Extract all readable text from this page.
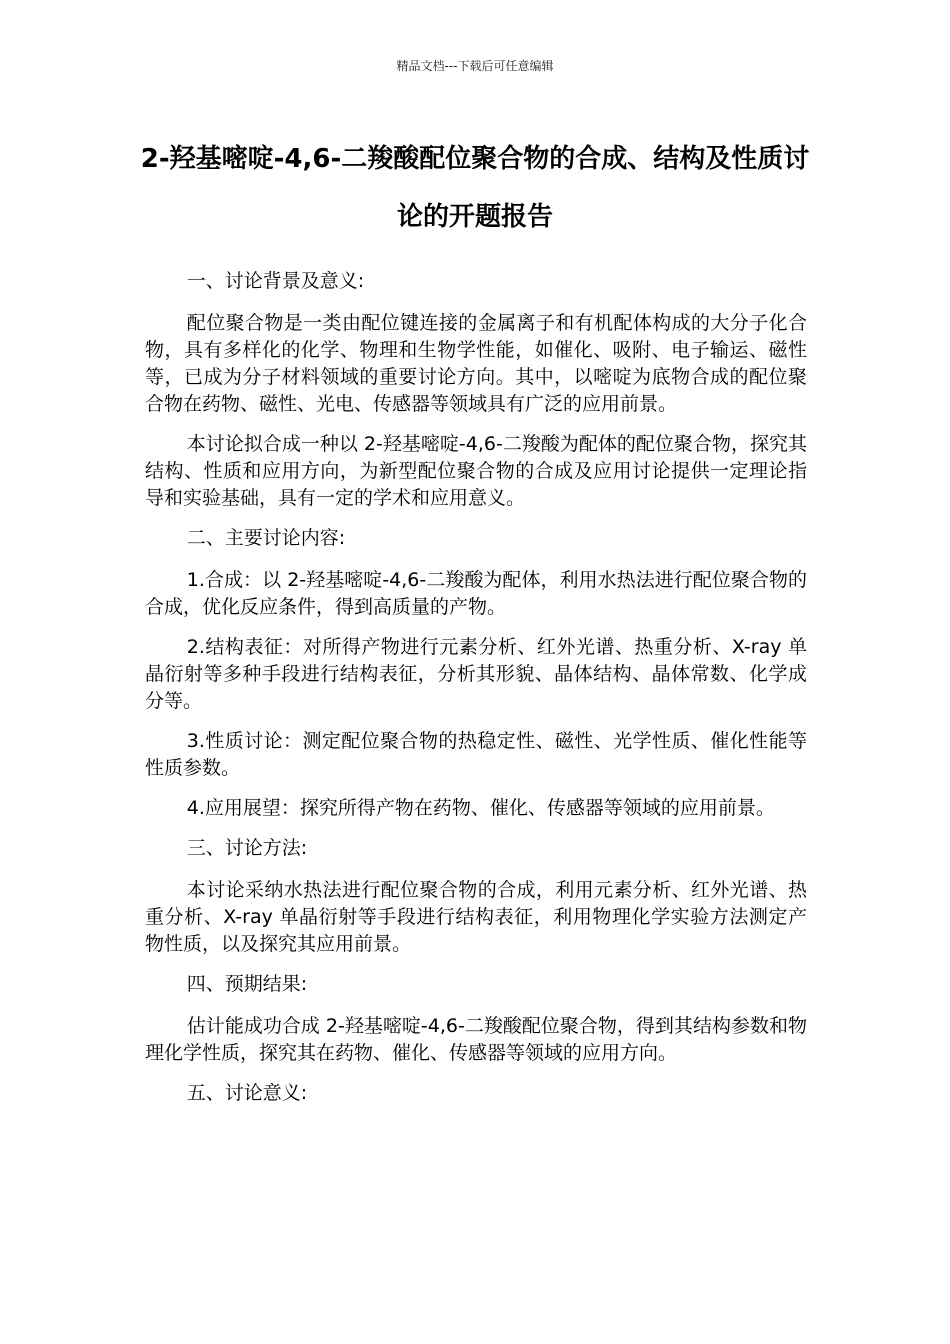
精品文档---下载后可任意编辑
2-羟基嘧啶-4,6-二羧酸配位聚合物的合成、结构及性质讨论的开题报告

一、讨论背景及意义:

配位聚合物是一类由配位键连接的金属离子和有机配体构成的大分子化合物，具有多样化的化学、物理和生物学性能，如催化、吸附、电子输运、磁性等，已成为分子材料领域的重要讨论方向。其中，以嘧啶为底物合成的配位聚合物在药物、磁性、光电、传感器等领域具有广泛的应用前景。

本讨论拟合成一种以 2-羟基嘧啶-4,6-二羧酸为配体的配位聚合物，探究其结构、性质和应用方向，为新型配位聚合物的合成及应用讨论提供一定理论指导和实验基础，具有一定的学术和应用意义。

二、主要讨论内容:

1.合成：以 2-羟基嘧啶-4,6-二羧酸为配体，利用水热法进行配位聚合物的合成，优化反应条件，得到高质量的产物。

2.结构表征：对所得产物进行元素分析、红外光谱、热重分析、X-ray 单晶衍射等多种手段进行结构表征，分析其形貌、晶体结构、晶体常数、化学成分等。

3.性质讨论：测定配位聚合物的热稳定性、磁性、光学性质、催化性能等性质参数。

4.应用展望：探究所得产物在药物、催化、传感器等领域的应用前景。

三、讨论方法:

本讨论采纳水热法进行配位聚合物的合成，利用元素分析、红外光谱、热重分析、X-ray 单晶衍射等手段进行结构表征，利用物理化学实验方法测定产物性质，以及探究其应用前景。

四、预期结果:

估计能成功合成 2-羟基嘧啶-4,6-二羧酸配位聚合物，得到其结构参数和物理化学性质，探究其在药物、催化、传感器等领域的应用方向。

五、讨论意义:
